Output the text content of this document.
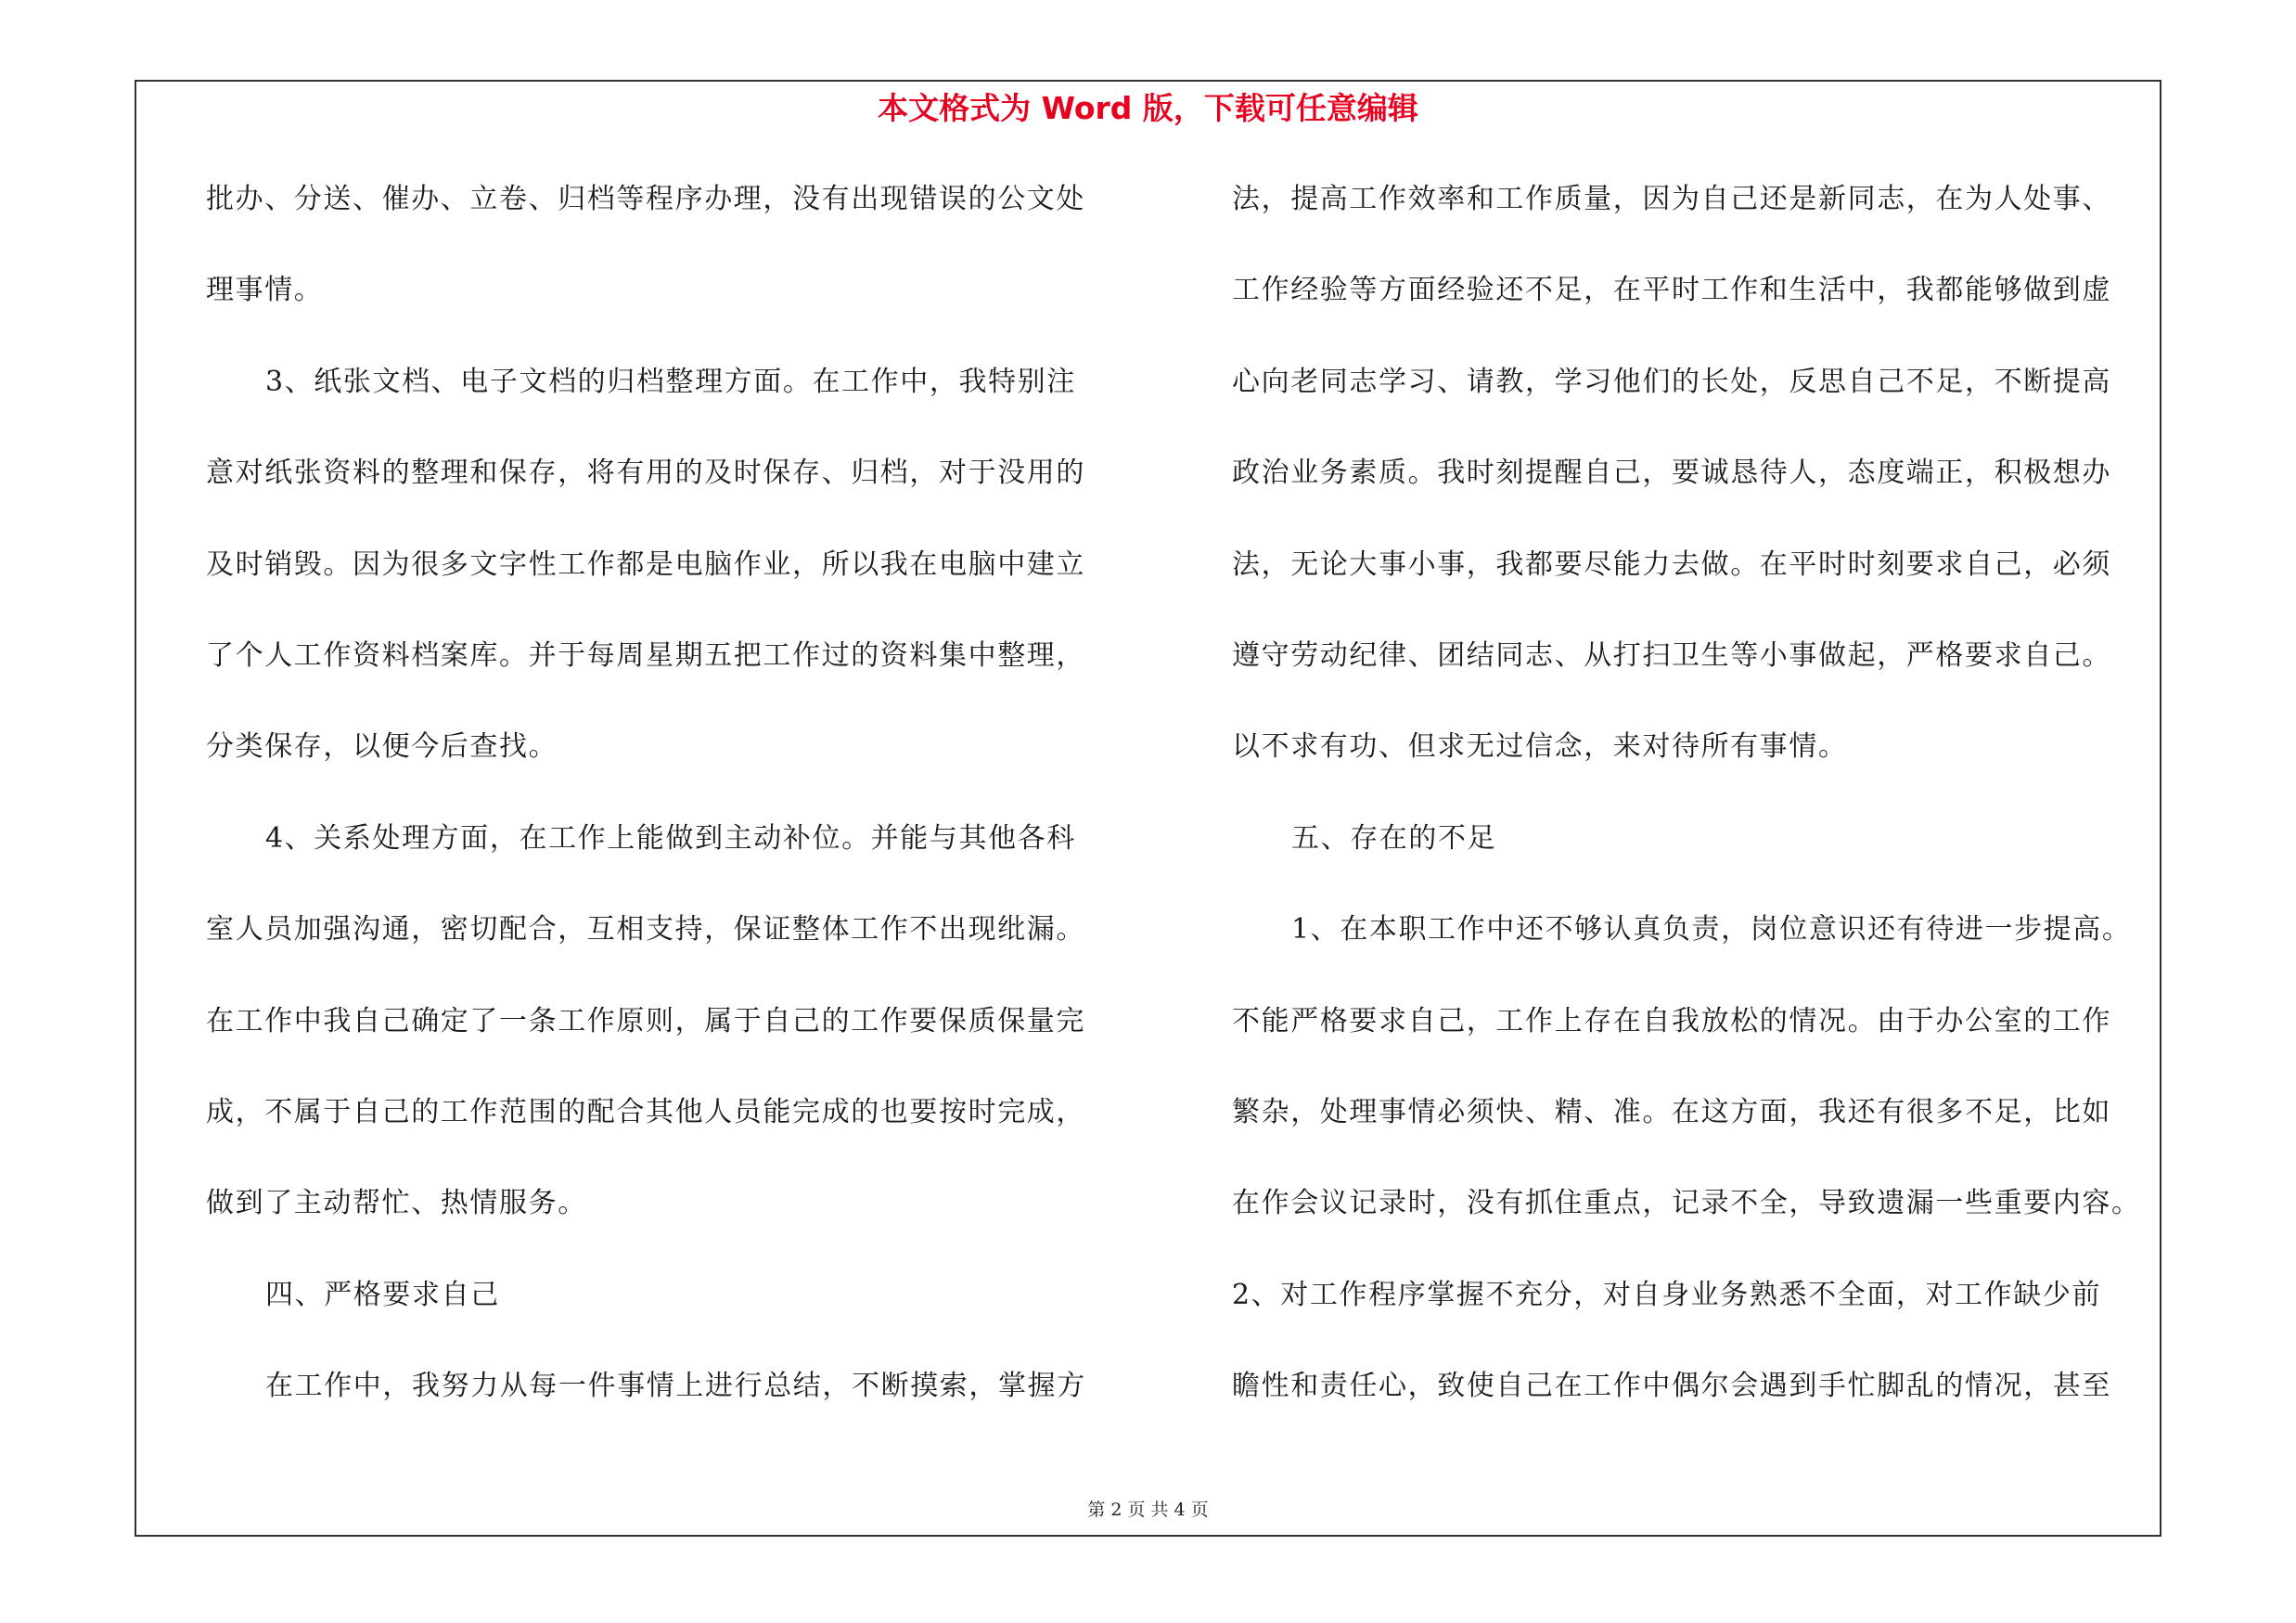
本文格式为 Word 版，下载可任意编辑
批办、分送、催办、立卷、归档等程序办理，没有出现错误的公文处
理事情。
3、纸张文档、电子文档的归档整理方面。在工作中，我特别注
意对纸张资料的整理和保存，将有用的及时保存、归档，对于没用的
及时销毁。因为很多文字性工作都是电脑作业，所以我在电脑中建立
了个人工作资料档案库。并于每周星期五把工作过的资料集中整理，
分类保存，以便今后查找。
4、关系处理方面，在工作上能做到主动补位。并能与其他各科
室人员加强沟通，密切配合，互相支持，保证整体工作不出现纰漏。
在工作中我自己确定了一条工作原则，属于自己的工作要保质保量完
成，不属于自己的工作范围的配合其他人员能完成的也要按时完成，
做到了主动帮忙、热情服务。
四、严格要求自己
在工作中，我努力从每一件事情上进行总结，不断摸索，掌握方
法，提高工作效率和工作质量，因为自己还是新同志，在为人处事、
工作经验等方面经验还不足，在平时工作和生活中，我都能够做到虚
心向老同志学习、请教，学习他们的长处，反思自己不足，不断提高
政治业务素质。我时刻提醒自己，要诚恳待人，态度端正，积极想办
法，无论大事小事，我都要尽能力去做。在平时时刻要求自己，必须
遵守劳动纪律、团结同志、从打扫卫生等小事做起，严格要求自己。
以不求有功、但求无过信念，来对待所有事情。
五、存在的不足
1、在本职工作中还不够认真负责，岗位意识还有待进一步提高。
不能严格要求自己，工作上存在自我放松的情况。由于办公室的工作
繁杂，处理事情必须快、精、准。在这方面，我还有很多不足，比如
在作会议记录时，没有抓住重点，记录不全，导致遗漏一些重要内容。
2、对工作程序掌握不充分，对自身业务熟悉不全面，对工作缺少前
瞻性和责任心，致使自己在工作中偶尔会遇到手忙脚乱的情况，甚至
第 2 页 共 4 页
